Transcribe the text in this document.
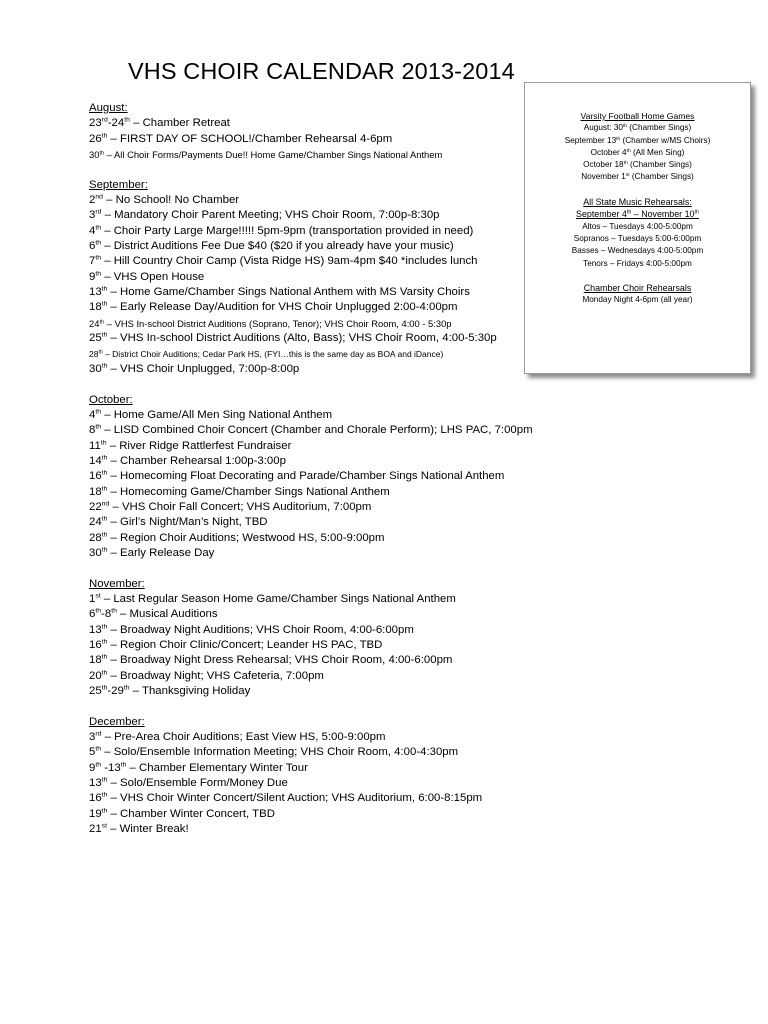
VHS CHOIR CALENDAR 2013-2014
August:
23rd-24th – Chamber Retreat
26th – FIRST DAY OF SCHOOL!/Chamber Rehearsal 4-6pm
30th – All Choir Forms/Payments Due!! Home Game/Chamber Sings National Anthem
September:
2nd – No School! No Chamber
3rd – Mandatory Choir Parent Meeting; VHS Choir Room, 7:00p-8:30p
4th – Choir Party Large Marge!!!!! 5pm-9pm (transportation provided in need)
6th – District Auditions Fee Due $40 ($20 if you already have your music)
7th – Hill Country Choir Camp (Vista Ridge HS) 9am-4pm $40 *includes lunch
9th – VHS Open House
13th – Home Game/Chamber Sings National Anthem with MS Varsity Choirs
18th – Early Release Day/Audition for VHS Choir Unplugged 2:00-4:00pm
24th – VHS In-school District Auditions (Soprano, Tenor); VHS Choir Room, 4:00 - 5:30p
25th – VHS In-school District Auditions (Alto, Bass); VHS Choir Room, 4:00-5:30p
28th – District Choir Auditions; Cedar Park HS, (FYI…this is the same day as BOA and iDance)
30th – VHS Choir Unplugged, 7:00p-8:00p
October:
4th – Home Game/All Men Sing National Anthem
8th – LISD Combined Choir Concert (Chamber and Chorale Perform); LHS PAC, 7:00pm
11th – River Ridge Rattlerfest Fundraiser
14th – Chamber Rehearsal 1:00p-3:00p
16th – Homecoming Float Decorating and Parade/Chamber Sings National Anthem
18th – Homecoming Game/Chamber Sings National Anthem
22nd – VHS Choir Fall Concert; VHS Auditorium, 7:00pm
24th – Girl’s Night/Man’s Night, TBD
28th – Region Choir Auditions; Westwood HS, 5:00-9:00pm
30th – Early Release Day
November:
1st – Last Regular Season Home Game/Chamber Sings National Anthem
6th-8th – Musical Auditions
13th – Broadway Night Auditions; VHS Choir Room, 4:00-6:00pm
16th – Region Choir Clinic/Concert; Leander HS PAC, TBD
18th – Broadway Night Dress Rehearsal; VHS Choir Room, 4:00-6:00pm
20th – Broadway Night; VHS Cafeteria, 7:00pm
25th-29th – Thanksgiving Holiday
December:
3rd – Pre-Area Choir Auditions; East View HS, 5:00-9:00pm
5th – Solo/Ensemble Information Meeting; VHS Choir Room, 4:00-4:30pm
9th -13th – Chamber Elementary Winter Tour
13th – Solo/Ensemble Form/Money Due
16th – VHS Choir Winter Concert/Silent Auction; VHS Auditorium, 6:00-8:15pm
19th – Chamber Winter Concert, TBD
21st – Winter Break!
Varsity Football Home Games
August: 30th (Chamber Sings)
September 13th (Chamber w/MS Choirs)
October 4th (All Men Sing)
October 18th (Chamber Sings)
November 1st (Chamber Sings)
All State Music Rehearsals:
September 4th – November 10th
Altos – Tuesdays 4:00-5:00pm
Sopranos – Tuesdays 5:00-6:00pm
Basses – Wednesdays 4:00-5:00pm
Tenors – Fridays 4:00-5:00pm
Chamber Choir Rehearsals
Monday Night 4-6pm (all year)
